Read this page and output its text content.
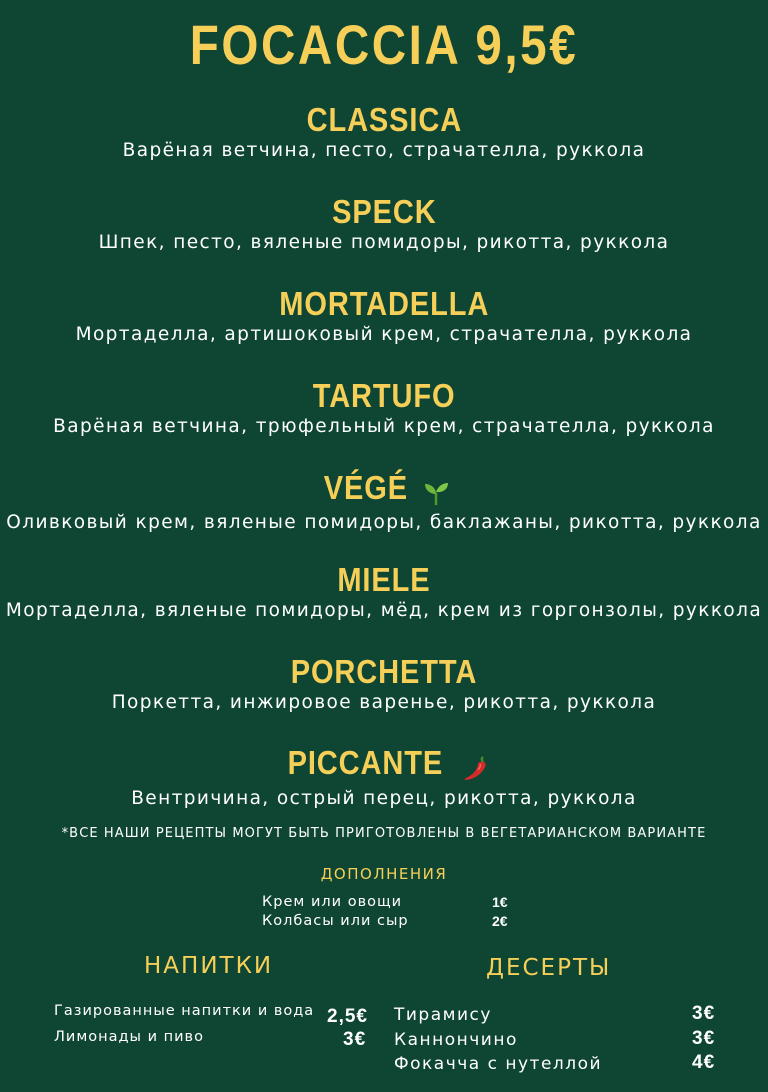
FOCACCIA 9,5€
CLASSICA
Варёная ветчина, песто, страчателла, руккола
SPECK
Шпек, песто, вяленые помидоры, рикотта, руккола
MORTADELLA
Мортаделла, артишоковый крем, страчателла, руккола
TARTUFO
Варёная ветчина, трюфельный крем, страчателла, руккола
VÉGÉ
Оливковый крем, вяленые помидоры, баклажаны, рикотта, руккола
MIELE
Мортаделла, вяленые помидоры, мёд, крем из горгонзолы, руккола
PORCHETTA
Поркетта, инжировое варенье, рикотта, руккола
PICCANTE
Вентричина, острый перец, рикотта, руккола
*ВСЕ НАШИ РЕЦЕПТЫ МОГУТ БЫТЬ ПРИГОТОВЛЕНЫ В ВЕГЕТАРИАНСКОМ ВАРИАНТЕ
ДОПОЛНЕНИЯ
Крем или овощи	1€
Колбасы или сыр	2€
НАПИТКИ
Газированные напитки и вода 2,5€
Лимонады и пиво	3€
ДЕСЕРТЫ
Тирамису	3€
Каннончино	3€
Фокачча с нутеллой	4€
